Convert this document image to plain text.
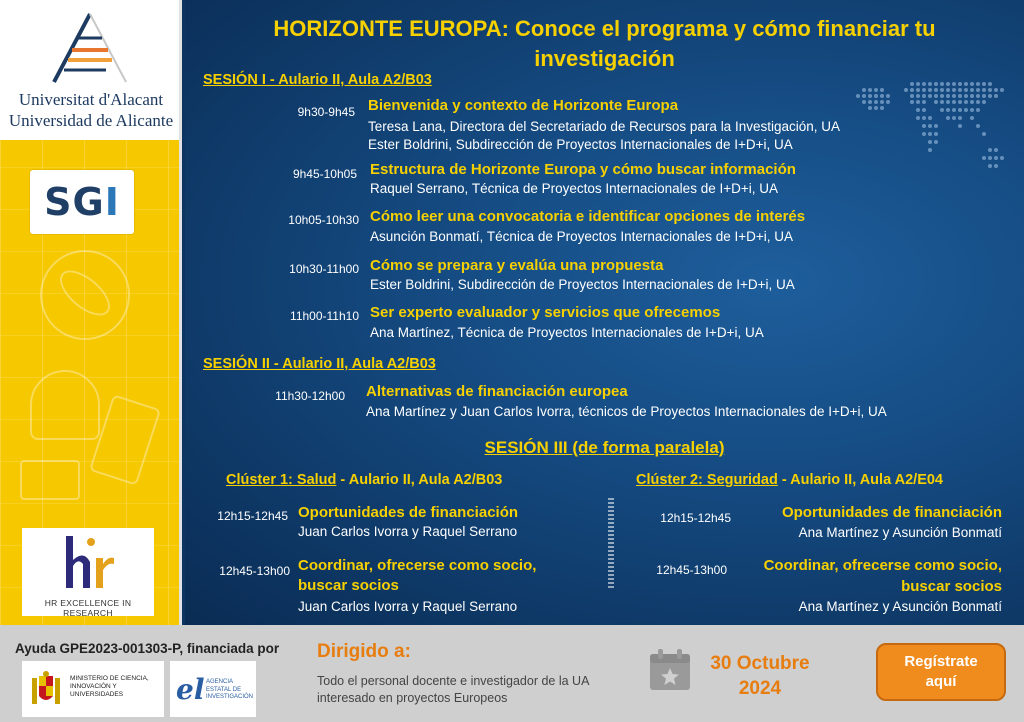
Universitat d'Alacant
Universidad de Alicante
SGI
HR EXCELLENCE IN RESEARCH
HORIZONTE EUROPA: Conoce el programa y cómo financiar tu
investigación
SESIÓN I - Aulario II, Aula A2/B03
9h30-9h45 Bienvenida y contexto de Horizonte Europa
Teresa Lana, Directora del Secretariado de Recursos para la Investigación, UA
Ester Boldrini, Subdirección de Proyectos Internacionales de I+D+i, UA
9h45-10h05 Estructura de Horizonte Europa y cómo buscar información
Raquel Serrano, Técnica de Proyectos Internacionales de I+D+i, UA
10h05-10h30 Cómo leer una convocatoria e identificar opciones de interés
Asunción Bonmatí, Técnica de Proyectos Internacionales de I+D+i, UA
10h30-11h00 Cómo se prepara y evalúa una propuesta
Ester Boldrini, Subdirección de Proyectos Internacionales de I+D+i, UA
11h00-11h10 Ser experto evaluador y servicios que ofrecemos
Ana Martínez, Técnica de Proyectos Internacionales de I+D+i, UA
SESIÓN II - Aulario II, Aula A2/B03
11h30-12h00 Alternativas de financiación europea
Ana Martínez y Juan Carlos Ivorra, técnicos de Proyectos Internacionales de I+D+i, UA
SESIÓN III (de forma paralela)
Clúster 1: Salud - Aulario II, Aula A2/B03	Clúster 2: Seguridad - Aulario II, Aula A2/E04
12h15-12h45 Oportunidades de financiación
Juan Carlos Ivorra y Raquel Serrano
12h45-13h00 Coordinar, ofrecerse como socio,
buscar socios
Juan Carlos Ivorra y Raquel Serrano
12h15-12h45	Oportunidades de financiación
Ana Martínez y Asunción Bonmatí
12h45-13h00 Coordinar, ofrecerse como socio,
buscar socios
Ana Martínez y Asunción Bonmatí
Ayuda GPE2023-001303-P, financiada por
MINISTERIO DE CIENCIA, INNOVACIÓN Y UNIVERSIDADES	el AGENCIA ESTATAL DE INVESTIGACIÓN
Dirigido a:
Todo el personal docente e investigador de la UA interesado en proyectos Europeos
30 Octubre
2024
Regístrate
aquí
